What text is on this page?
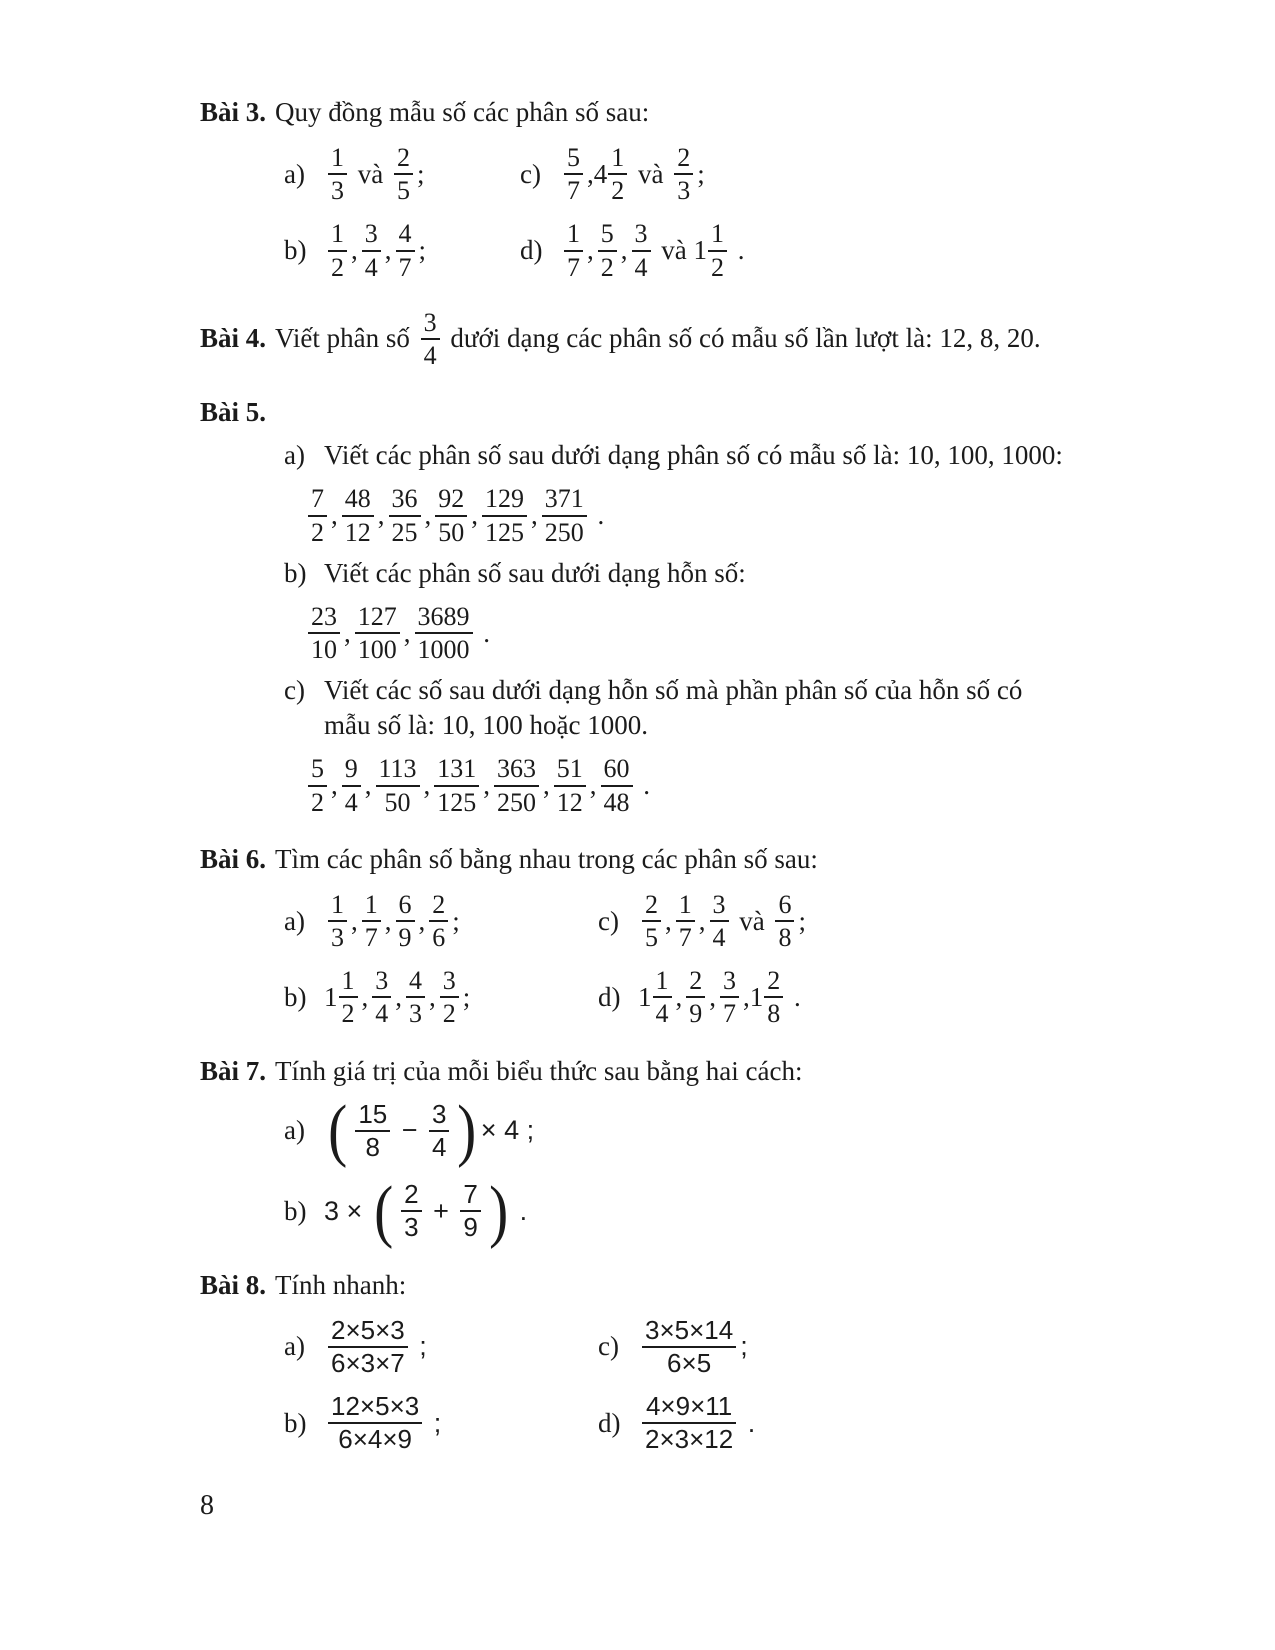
Bài 3. Quy đồng mẫu số các phân số sau:

$a) \frac{1}{3}$ và $\frac{2}{5}$ ;	$c) \frac{5}{7}$ , $4 \frac{1}{2}$ và $\frac{2}{3}$ ;
$b) \frac{1}{2}$ , $\frac{3}{4}$ , $\frac{4}{7}$ ;	$d) \frac{1}{7}$ , $\frac{5}{2}$ , $\frac{3}{4}$ và $1 \frac{1}{2}$ .

Bài 4. Viết phân số $\frac{3}{4}$ dưới dạng các phân số có mẫu số lần lượt là: 12, 8, 20.

Bài 5.

a) Viết các phân số sau dưới dạng phân số có mẫu số là: 10, 100, 1000:

$\frac{7}{2}$ , $\frac{48}{12}$ , $\frac{36}{25}$ , $\frac{92}{50}$ , $\frac{129}{125}$ , $\frac{371}{250}$ .

b) Viết các phân số sau dưới dạng hỗn số:

$\frac{23}{10}$ , $\frac{127}{100}$ , $\frac{3689}{1000}$ .

c) Viết các số sau dưới dạng hỗn số mà phần phân số của hỗn số có
mẫu số là: 10, 100 hoặc 1000.

$\frac{5}{2}$ , $\frac{9}{4}$ , $\frac{113}{50}$ , $\frac{131}{125}$ , $\frac{363}{250}$ , $\frac{51}{12}$ , $\frac{60}{48}$ .

Bài 6. Tìm các phân số bằng nhau trong các phân số sau:

$a) \frac{1}{3}$ , $\frac{1}{7}$ , $\frac{6}{9}$ , $\frac{2}{6}$ ;	$c) \frac{2}{5}$ , $\frac{1}{7}$ , $\frac{3}{4}$ và $\frac{6}{8}$ ;
b) $1 \frac{1}{2}$ , $\frac{3}{4}$ , $\frac{4}{3}$ , $\frac{3}{2}$ ;	d) $1 \frac{1}{4}$ , $\frac{2}{9}$ , $\frac{3}{7}$ , $1 \frac{2}{8}$ .

Bài 7. Tính giá trị của mỗi biểu thức sau bằng hai cách:

a) ( $\frac{15}{8} - \frac{3}{4}$ ) × 4 ;
b) 3 × ( $\frac{2}{3} + \frac{7}{9}$ ) .

Bài 8. Tính nhanh:

$a) \frac{2\times 5\times 3}{6\times 3\times 7}$ ;	$c) \frac{3\times 5\times 14}{6\times 5}$ ;
$b) \frac{12\times 5\times 3}{6\times 4\times 9}$ ;	$d) \frac{4\times 9\times 11}{2\times 3\times 12}$ .
8
